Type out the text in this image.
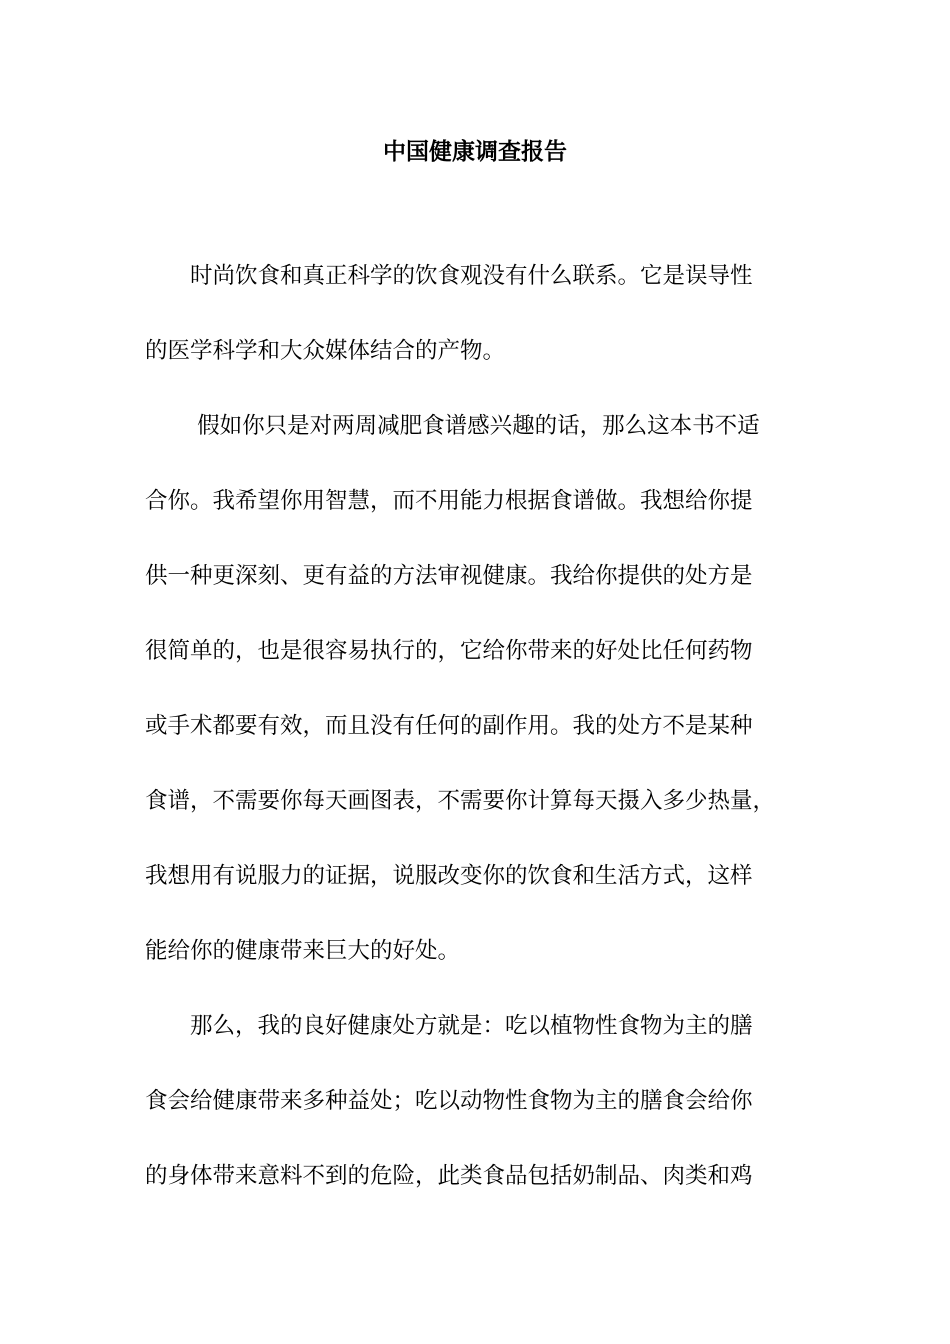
中国健康调查报告

　　时尚饮食和真正科学的饮食观没有什么联系。它是误导性

的医学科学和大众媒体结合的产物。

　　 假如你只是对两周减肥食谱感兴趣的话，那么这本书不适

合你。我希望你用智慧，而不用能力根据食谱做。我想给你提

供一种更深刻、更有益的方法审视健康。我给你提供的处方是

很简单的，也是很容易执行的，它给你带来的好处比任何药物

或手术都要有效，而且没有任何的副作用。我的处方不是某种

食谱，不需要你每天画图表，不需要你计算每天摄入多少热量，

我想用有说服力的证据，说服改变你的饮食和生活方式，这样

能给你的健康带来巨大的好处。

　　那么，我的良好健康处方就是：吃以植物性食物为主的膳

食会给健康带来多种益处；吃以动物性食物为主的膳食会给你

的身体带来意料不到的危险，此类食品包括奶制品、肉类和鸡
